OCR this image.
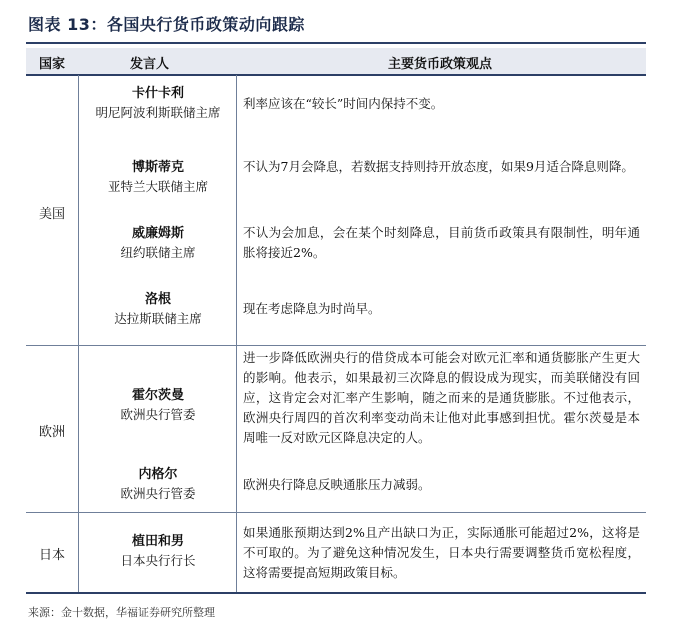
图表 13：各国央行货币政策动向跟踪
国家	发言人	主要货币政策观点
美国
卡什卡利
明尼阿波利斯联储主席
利率应该在“较长”时间内保持不变。
博斯蒂克
亚特兰大联储主席
不认为7月会降息，若数据支持则持开放态度，如果9月适合降息则降。
威廉姆斯
纽约联储主席
不认为会加息，会在某个时刻降息，目前货币政策具有限制性，明年通胀将接近2%。
洛根
达拉斯联储主席
现在考虑降息为时尚早。
欧洲
霍尔茨曼
欧洲央行管委
进一步降低欧洲央行的借贷成本可能会对欧元汇率和通货膨胀产生更大的影响。他表示，如果最初三次降息的假设成为现实，而美联储没有回应，这肯定会对汇率产生影响，随之而来的是通货膨胀。不过他表示，欧洲央行周四的首次利率变动尚未让他对此事感到担忧。霍尔茨曼是本周唯一反对欧元区降息决定的人。
内格尔
欧洲央行管委
欧洲央行降息反映通胀压力减弱。
日本
植田和男
日本央行行长
如果通胀预期达到2%且产出缺口为正，实际通胀可能超过2%，这将是不可取的。为了避免这种情况发生，日本央行需要调整货币宽松程度，这将需要提高短期政策目标。
来源：金十数据，华福证券研究所整理
